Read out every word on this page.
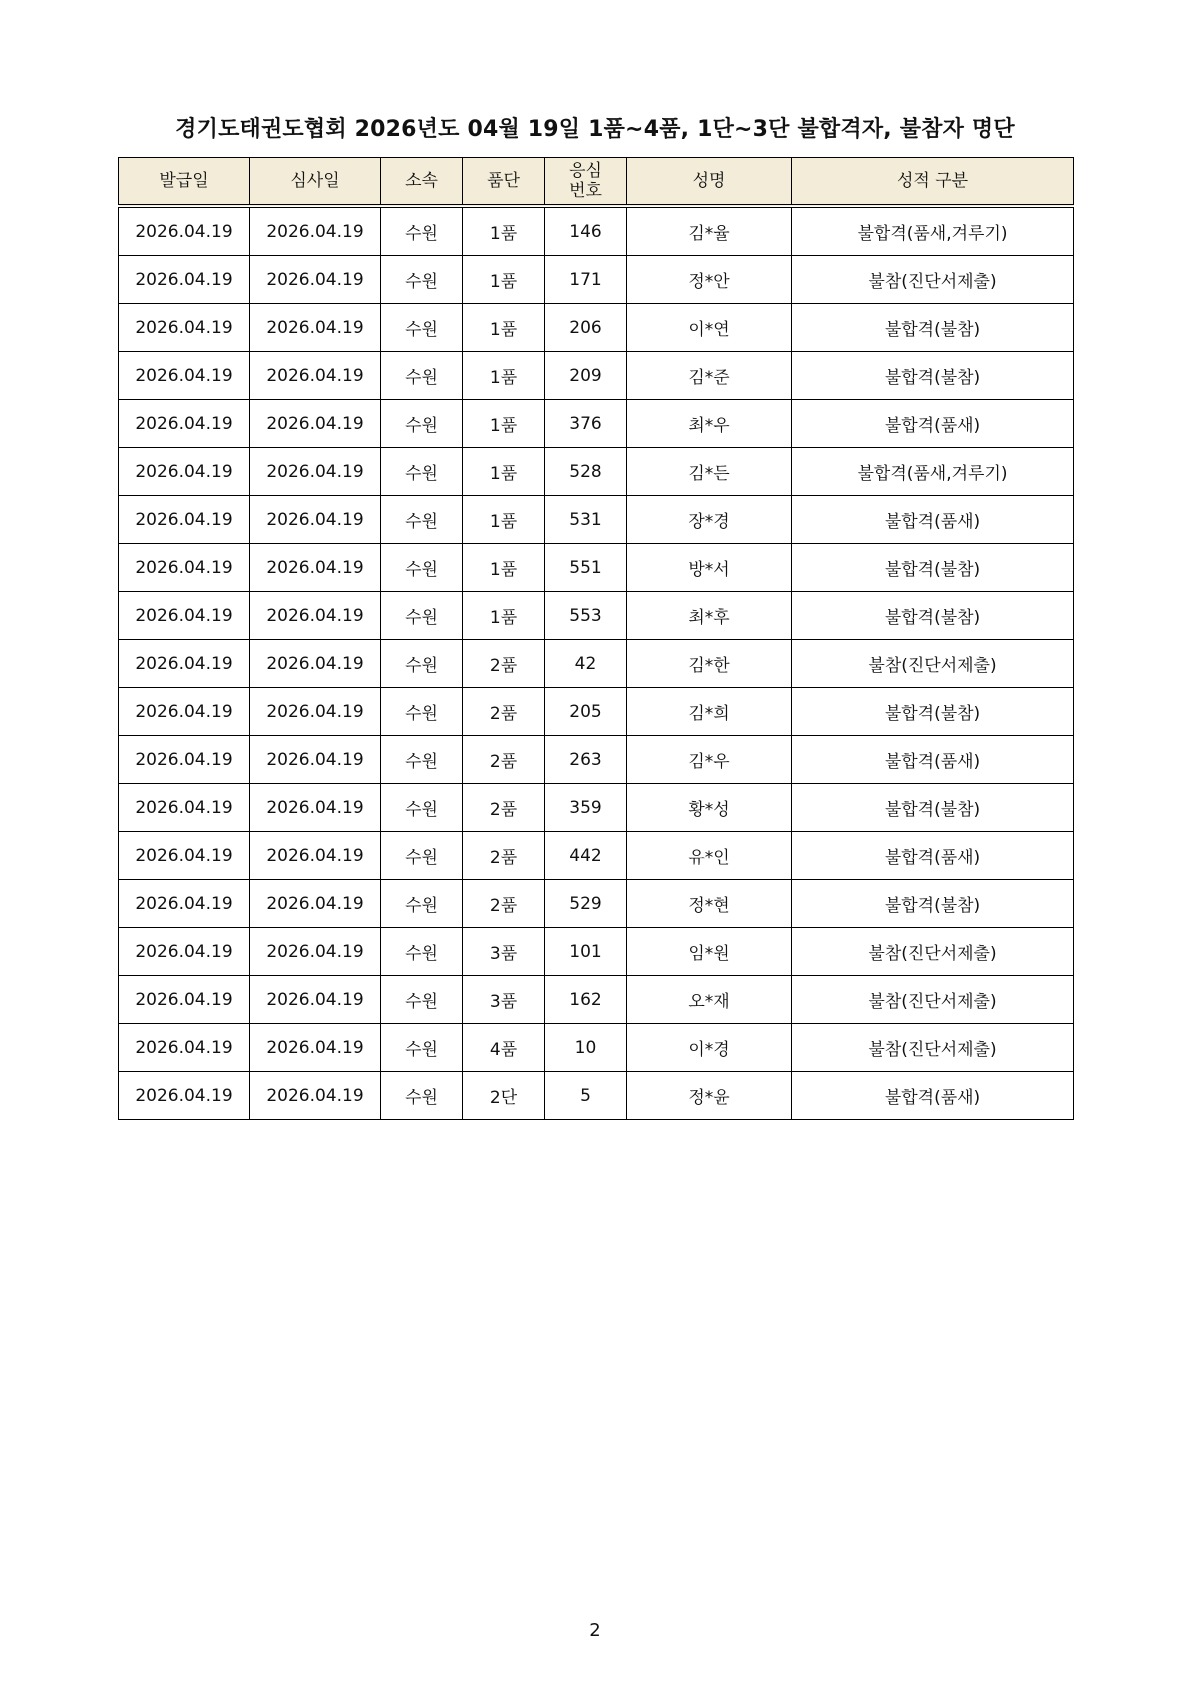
경기도태권도협회 2026년도 04월 19일 1품~4품, 1단~3단 불합격자, 불참자 명단
발급일	심사일	소속	품단	응심 번호	성명	성적 구분
2026.04.19	2026.04.19	수원	1품	146	김*율	불합격(품새,겨루기)
2026.04.19	2026.04.19	수원	1품	171	정*안	불참(진단서제출)
2026.04.19	2026.04.19	수원	1품	206	이*연	불합격(불참)
2026.04.19	2026.04.19	수원	1품	209	김*준	불합격(불참)
2026.04.19	2026.04.19	수원	1품	376	최*우	불합격(품새)
2026.04.19	2026.04.19	수원	1품	528	김*든	불합격(품새,겨루기)
2026.04.19	2026.04.19	수원	1품	531	장*경	불합격(품새)
2026.04.19	2026.04.19	수원	1품	551	방*서	불합격(불참)
2026.04.19	2026.04.19	수원	1품	553	최*후	불합격(불참)
2026.04.19	2026.04.19	수원	2품	42	김*한	불참(진단서제출)
2026.04.19	2026.04.19	수원	2품	205	김*희	불합격(불참)
2026.04.19	2026.04.19	수원	2품	263	김*우	불합격(품새)
2026.04.19	2026.04.19	수원	2품	359	황*성	불합격(불참)
2026.04.19	2026.04.19	수원	2품	442	유*인	불합격(품새)
2026.04.19	2026.04.19	수원	2품	529	정*현	불합격(불참)
2026.04.19	2026.04.19	수원	3품	101	임*원	불참(진단서제출)
2026.04.19	2026.04.19	수원	3품	162	오*재	불참(진단서제출)
2026.04.19	2026.04.19	수원	4품	10	이*경	불참(진단서제출)
2026.04.19	2026.04.19	수원	2단	5	정*윤	불합격(품새)
2
